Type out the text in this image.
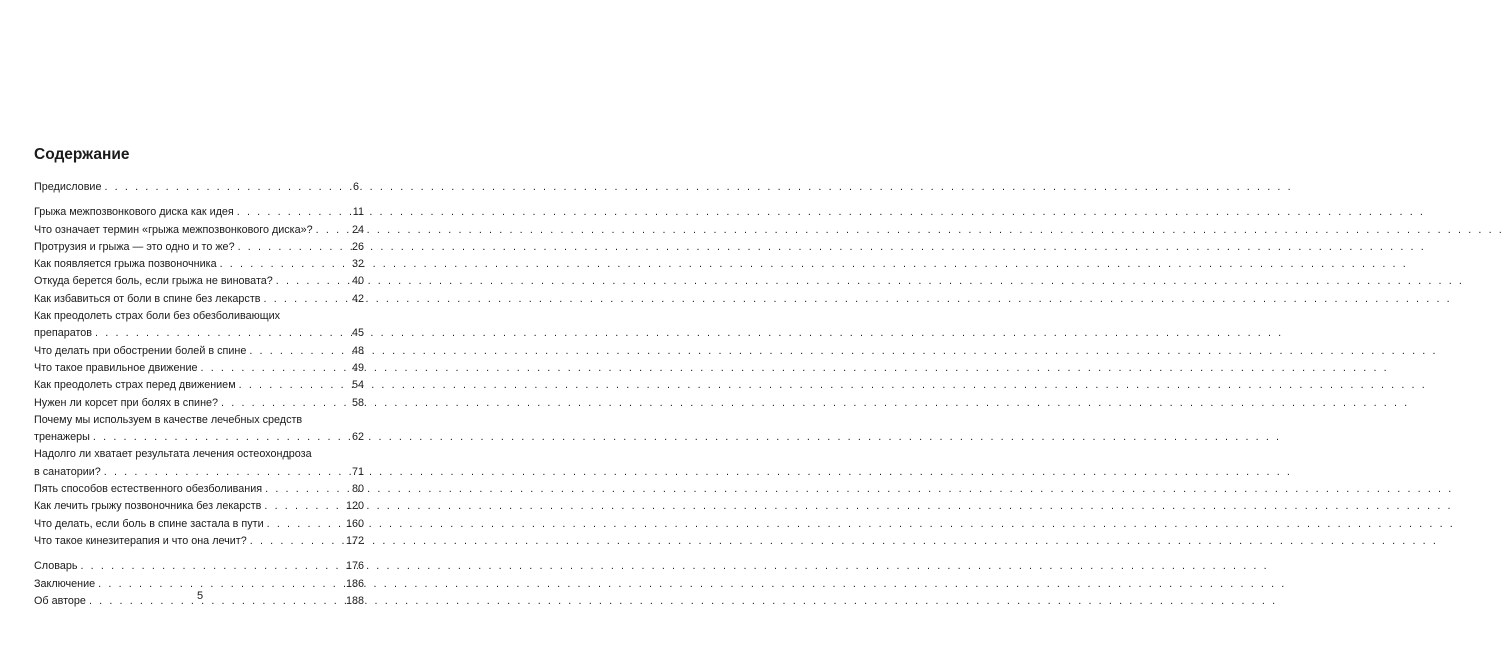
Содержание
Предисловие . . .	6
Грыжа межпозвонкового диска как идея . . .	11
Что означает термин «грыжа межпозвонкового диска»? . . .	24
Протрузия и грыжа — это одно и то же? . . .	26
Как появляется грыжа позвоночника . . .	32
Откуда берется боль, если грыжа не виновата? . . .	40
Как избавиться от боли в спине без лекарств . . .	42
Как преодолеть страх боли без обезболивающих
препаратов . . .	45
Что делать при обострении болей в спине . . .	48
Что такое правильное движение . . .	49
Как преодолеть страх перед движением . . .	54
Нужен ли корсет при болях в спине? . . .	58
Почему мы используем в качестве лечебных средств
тренажеры . . .	62
Надолго ли хватает результата лечения остеохондроза
в санатории? . . .	71
Пять способов естественного обезболивания . . .	80
Как лечить грыжу позвоночника без лекарств . . .	120
Что делать, если боль в спине застала в пути . . .	160
Что такое кинезитерапия и что она лечит? . . .	172
Словарь . . .	176
Заключение . . .	186
Об авторе . . .	188
5
